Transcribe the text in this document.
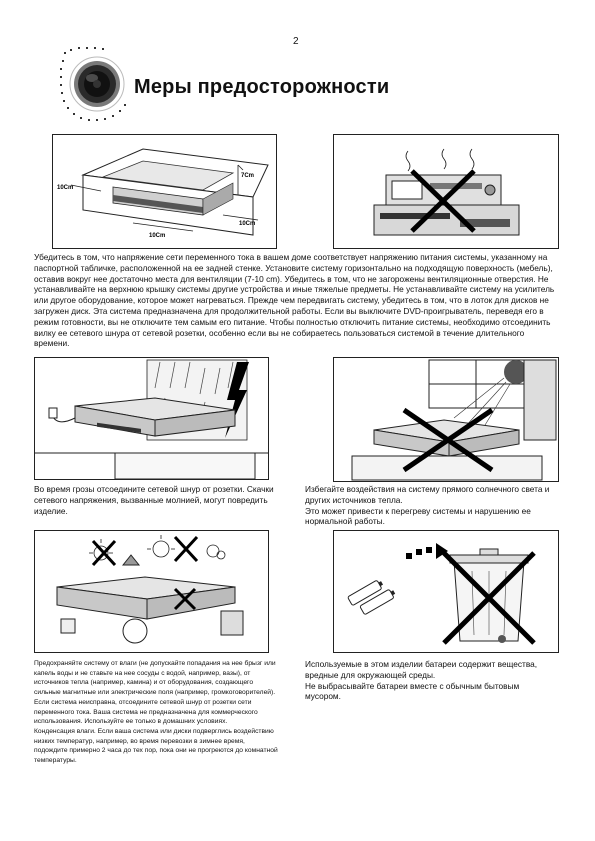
2
Меры предосторожности
7Cm
10Cm
10Cm
10Cm

Убедитесь в том, что напряжение сети переменного тока в вашем доме соответствует напряжению питания системы, указанному на паспортной табличке, расположенной на ее задней стенке. Установите систему горизонтально на подходящую поверхность (мебель), оставив вокруг нее достаточно места для вентиляции (7-10 cm). Убедитесь в том, что не загорожены вентиляционные отверстия. Не устанавливайте на верхнюю крышку системы другие устройства и иные тяжелые предметы. Не устанавливайте систему на усилитель или другое оборудование, которое может нагреваться. Прежде чем передвигать систему, убедитесь в том, что в лоток для дисков не загружен диск. Эта система предназначена для продолжительной работы. Если вы выключите DVD-проигрыватель, переведя его в режим готовности, вы не отключите тем самым его питание. Чтобы полностью отключить питание системы, необходимо отсоединить вилку ее сетевого шнура от сетевой розетки, особенно если вы не собираетесь пользоваться системой в течение длительного времени.

Во время грозы отсоедините сетевой шнур от розетки. Скачки сетевого напряжения, вызванные молнией, могут повредить изделие.

Избегайте воздействия на систему прямого солнечного света и других источников тепла.

Это может привести к перегреву системы и нарушению ее нормальной работы.

Предохраняйте систему от влаги (не допускайте попадания на нее брызг или капель воды и не ставьте на нее сосуды с водой, например, вазы), от источников тепла (например, камина) и от оборудования, создающего сильные магнитные или электрические поля (например, громкоговорителей). Если система неисправна, отсоедините сетевой шнур от розетки сети переменного тока. Ваша система не предназначена для коммерческого использования. Используйте ее только в домашних условиях.

Конденсация влаги. Если ваша система или диски подверглись воздействию низких температур, например, во время перевозки в зимнее время, подождите примерно 2 часа до тех пор, пока они не прогреются до комнатной температуры.

Используемые в этом изделии батареи содержит вещества, вредные для окружающей среды.

Не выбрасывайте батареи вместе с обычным бытовым мусором.
